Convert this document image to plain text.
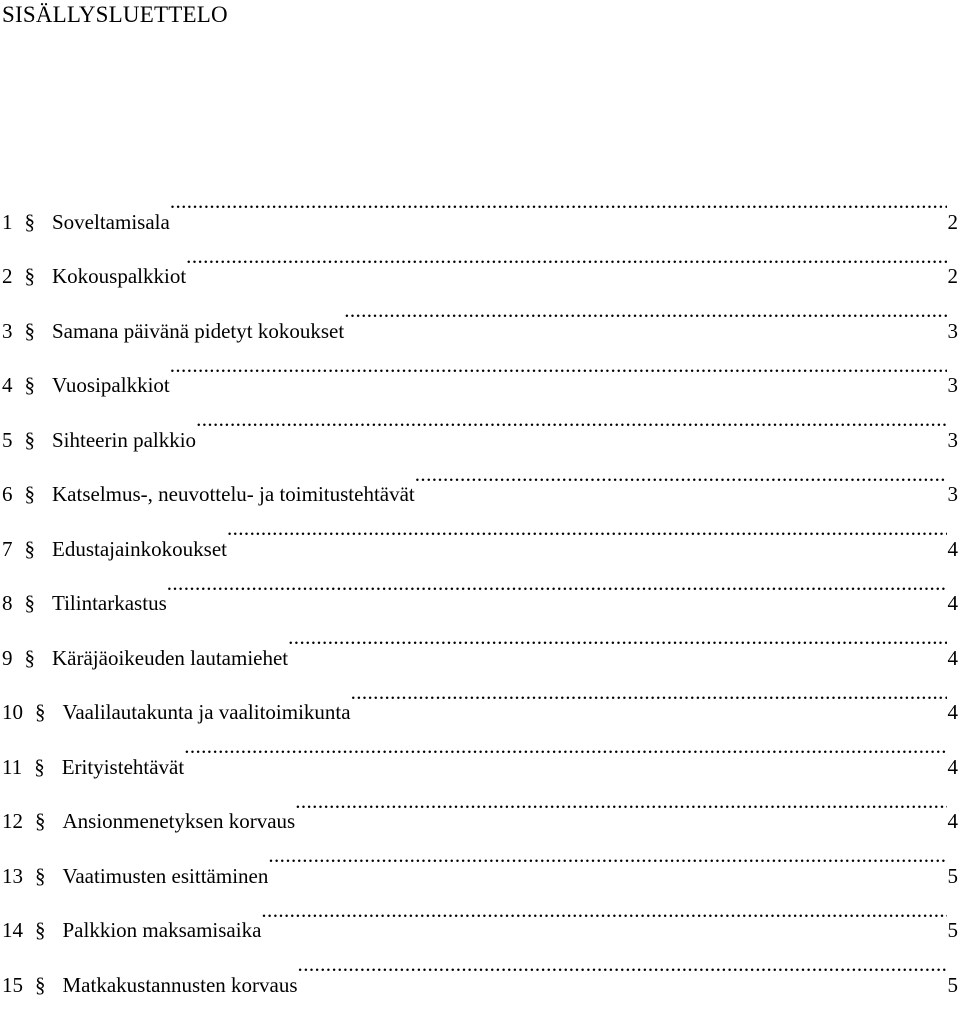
SISÄLLYSLUETTELO
1 § Soveltamisala .....	2
2 § Kokouspalkkiot .....	2
3 § Samana päivänä pidetyt kokoukset .....	3
4 § Vuosipalkkiot .....	3
5 § Sihteerin palkkio .....	3
6 § Katselmus-, neuvottelu- ja toimitustehtävät .....	3
7 § Edustajainkokoukset .....	4
8 § Tilintarkastus .....	4
9 § Käräjäoikeuden lautamiehet .....	4
10 § Vaalilautakunta ja vaalitoimikunta .....	4
11 § Erityistehtävät .....	4
12 § Ansionmenetyksen korvaus .....	4
13 § Vaatimusten esittäminen .....	5
14 § Palkkion maksamisaika .....	5
15 § Matkakustannusten korvaus .....	5
